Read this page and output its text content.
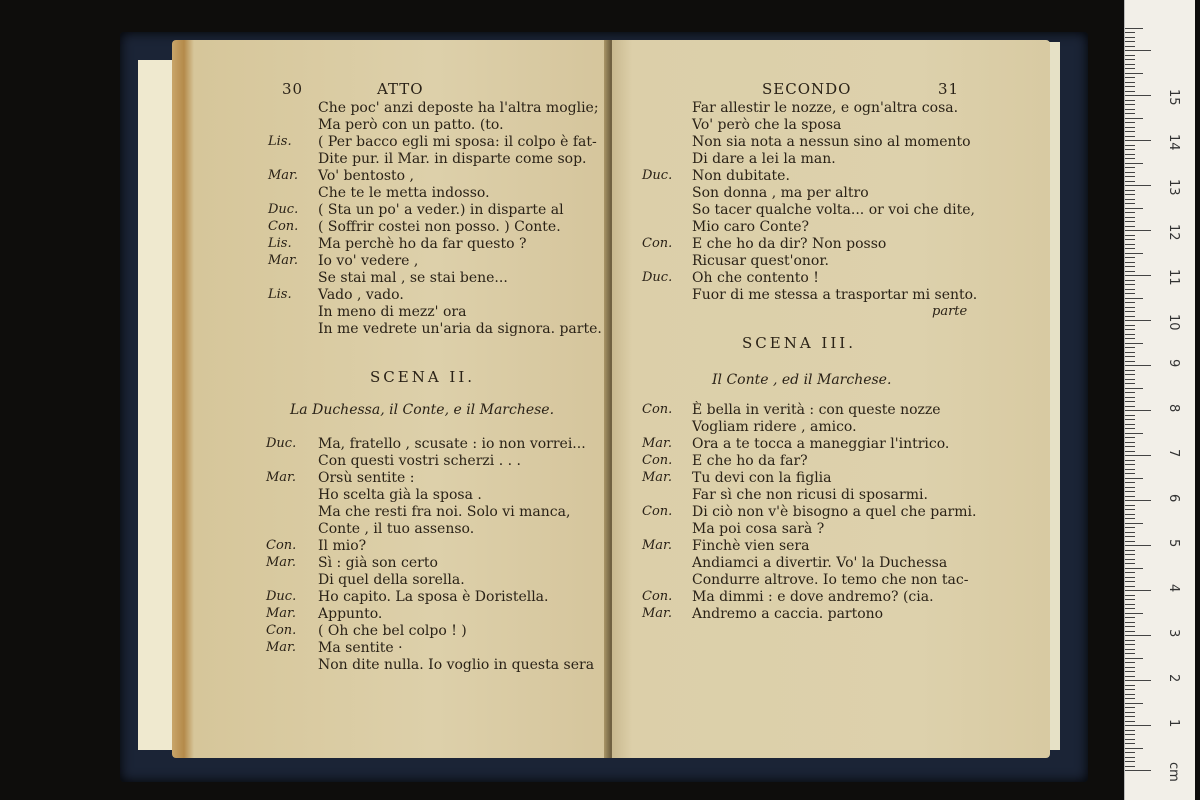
30	ATTO
Che poc' anzi deposte ha l'altra moglie;
Ma però con un patto. (to.
Lis. ( Per bacco egli mi sposa: il colpo è fat-
Dite pur. il Mar. in disparte come sop.
Mar. Vo' bentosto ,
Che te le metta indosso.
Duc. ( Sta un po' a veder.) in disparte al
Con. ( Soffrir costei non posso. ) Conte.
Lis. Ma perchè ho da far questo ?
Mar. Io vo' vedere ,
Se stai mal , se stai bene...
Lis. Vado , vado.
In meno di mezz' ora
In me vedrete un'aria da signora. parte.
SCENA II.
La Duchessa, il Conte, e il Marchese.
Duc. Ma, fratello , scusate : io non vorrei...
Con questi vostri scherzi . . .
Mar. Orsù sentite :
Ho scelta già la sposa .
Ma che resti fra noi. Solo vi manca,
Conte , il tuo assenso.
Con. Il mio?
Mar. Sì : già son certo
Di quel della sorella.
Duc. Ho capito. La sposa è Doristella.
Mar. Appunto.
Con. ( Oh che bel colpo ! )
Mar. Ma sentite ·
Non dite nulla. Io voglio in questa sera
SECONDO	31
Far allestir le nozze, e ogn'altra cosa.
Vo' però che la sposa
Non sia nota a nessun sino al momento
Di dare a lei la man.
Duc. Non dubitate.
Son donna , ma per altro
So tacer qualche volta... or voi che dite,
Mio caro Conte?
Con. E che ho da dir? Non posso
Ricusar quest'onor.
Duc. Oh che contento !
Fuor di me stessa a trasportar mi sento.
parte
SCENA III.
Il Conte , ed il Marchese.
Con. È bella in verità : con queste nozze
Vogliam ridere , amico.
Mar. Ora a te tocca a maneggiar l'intrico.
Con. E che ho da far?
Mar. Tu devi con la figlia
Far sì che non ricusi di sposarmi.
Con. Di ciò non v'è bisogno a quel che parmi.
Ma poi cosa sarà ?
Mar. Finchè vien sera
Andiamci a divertir. Vo' la Duchessa
Condurre altrove. Io temo che non tac-
Con. Ma dimmi : e dove andremo? (cia.
Mar. Andremo a caccia. partono
cm
1
2
3
4
5
6
7
8
9
10
11
12
13
14
15
